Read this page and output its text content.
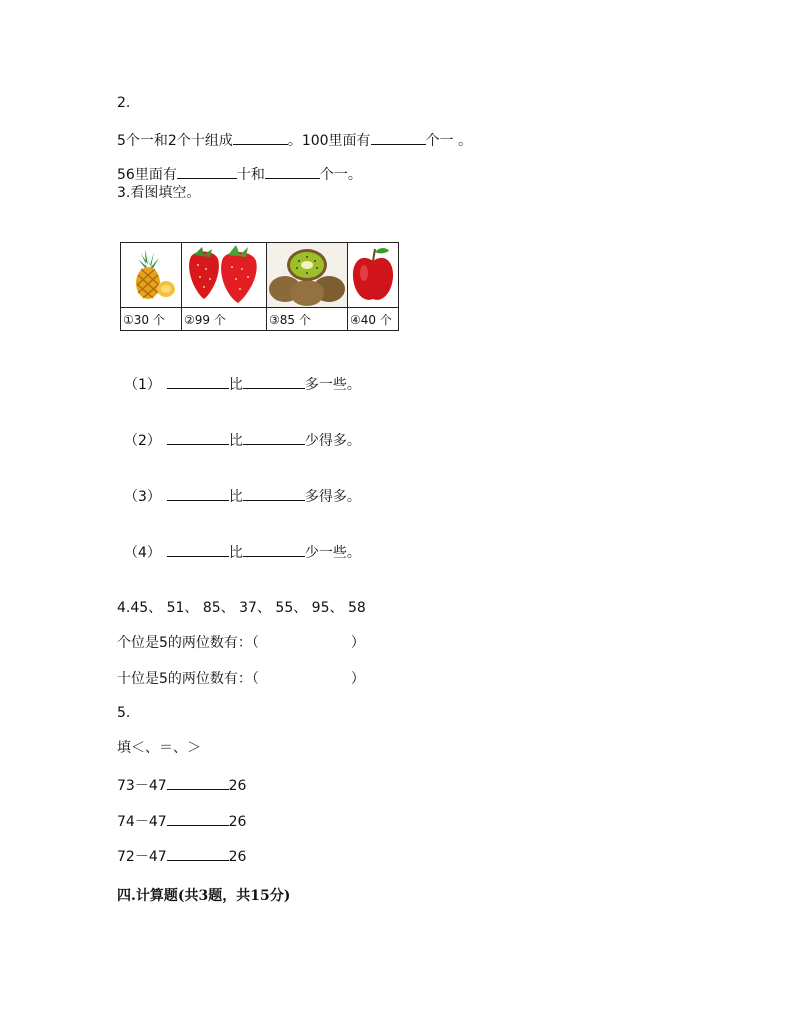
2.
5个一和2个十组成	。100里面有	个一 。
56里面有	十和	个一。
3.看图填空。

①30 个	②99 个	③85 个	④40 个
（1）	比	多一些。
（2）	比	少得多。
（3）	比	多得多。
（4）	比	少一些。
4.45、 51、 85、 37、 55、 95、 58
个位是5的两位数有：（	）
十位是5的两位数有：（	）
5.
填＜、＝、＞
73－47	26
74－47	26
72－47	26
四.计算题(共3题，共15分)
